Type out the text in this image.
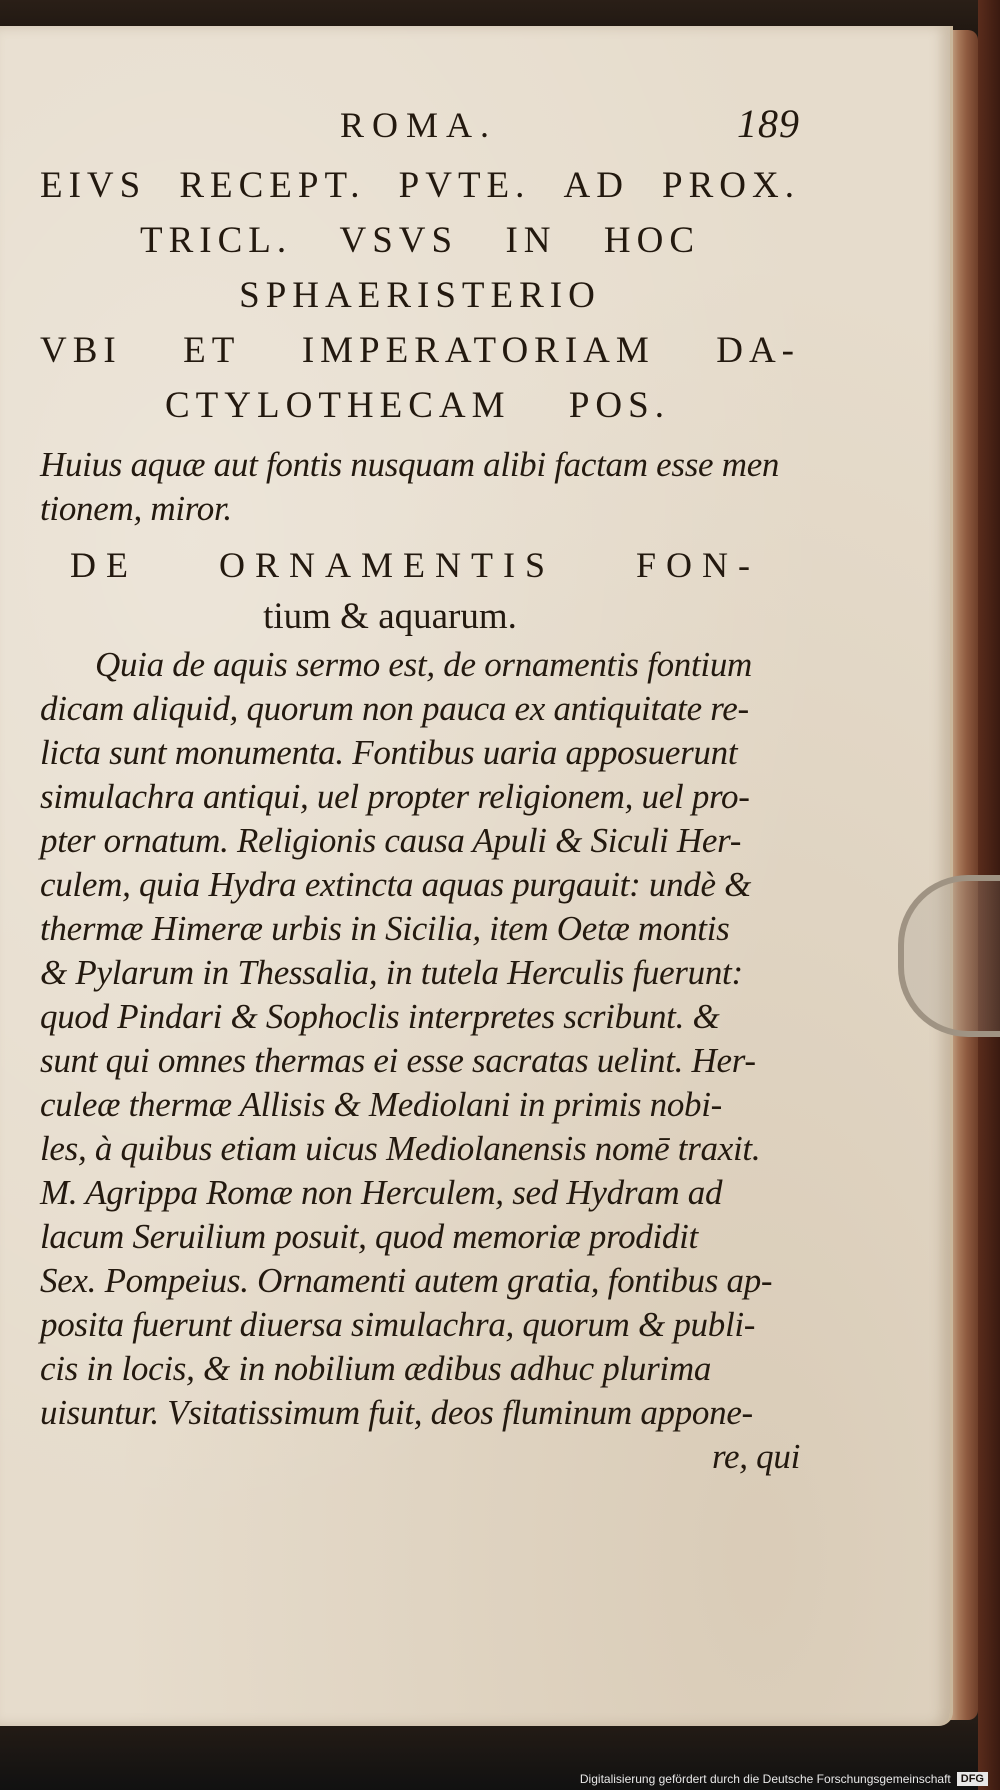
ROMA.	189
EIVS RECEPT. PVTE. AD PROX.
TRICL. VSVS IN HOC
SPHAERISTERIO
VBI ET IMPERATORIAM DA-
CTYLOTHECAM POS.
Huius aquæ aut fontis nusquam alibi factam esse men
tionem, miror.
DE ORNAMENTIS FON-
tium & aquarum.
Quia de aquis sermo est, de ornamentis fontium
dicam aliquid, quorum non pauca ex antiquitate re-
licta sunt monumenta. Fontibus uaria apposuerunt
simulachra antiqui, uel propter religionem, uel pro-
pter ornatum. Religionis causa Apuli & Siculi Her-
culem, quia Hydra extincta aquas purgauit: undè &
thermæ Himeræ urbis in Sicilia, item Oetæ montis
& Pylarum in Thessalia, in tutela Herculis fuerunt:
quod Pindari & Sophoclis interpretes scribunt. &
sunt qui omnes thermas ei esse sacratas uelint. Her-
culeæ thermæ Allisis & Mediolani in primis nobi-
les, à quibus etiam uicus Mediolanensis nomē traxit.
M. Agrippa Romæ non Herculem, sed Hydram ad
lacum Seruilium posuit, quod memoriæ prodidit
Sex. Pompeius. Ornamenti autem gratia, fontibus ap-
posita fuerunt diuersa simulachra, quorum & publi-
cis in locis, & in nobilium ædibus adhuc plurima
uisuntur. Vsitatissimum fuit, deos fluminum appone-
re, qui
Digitalisierung gefördert durch die Deutsche Forschungsgemeinschaft DFG
